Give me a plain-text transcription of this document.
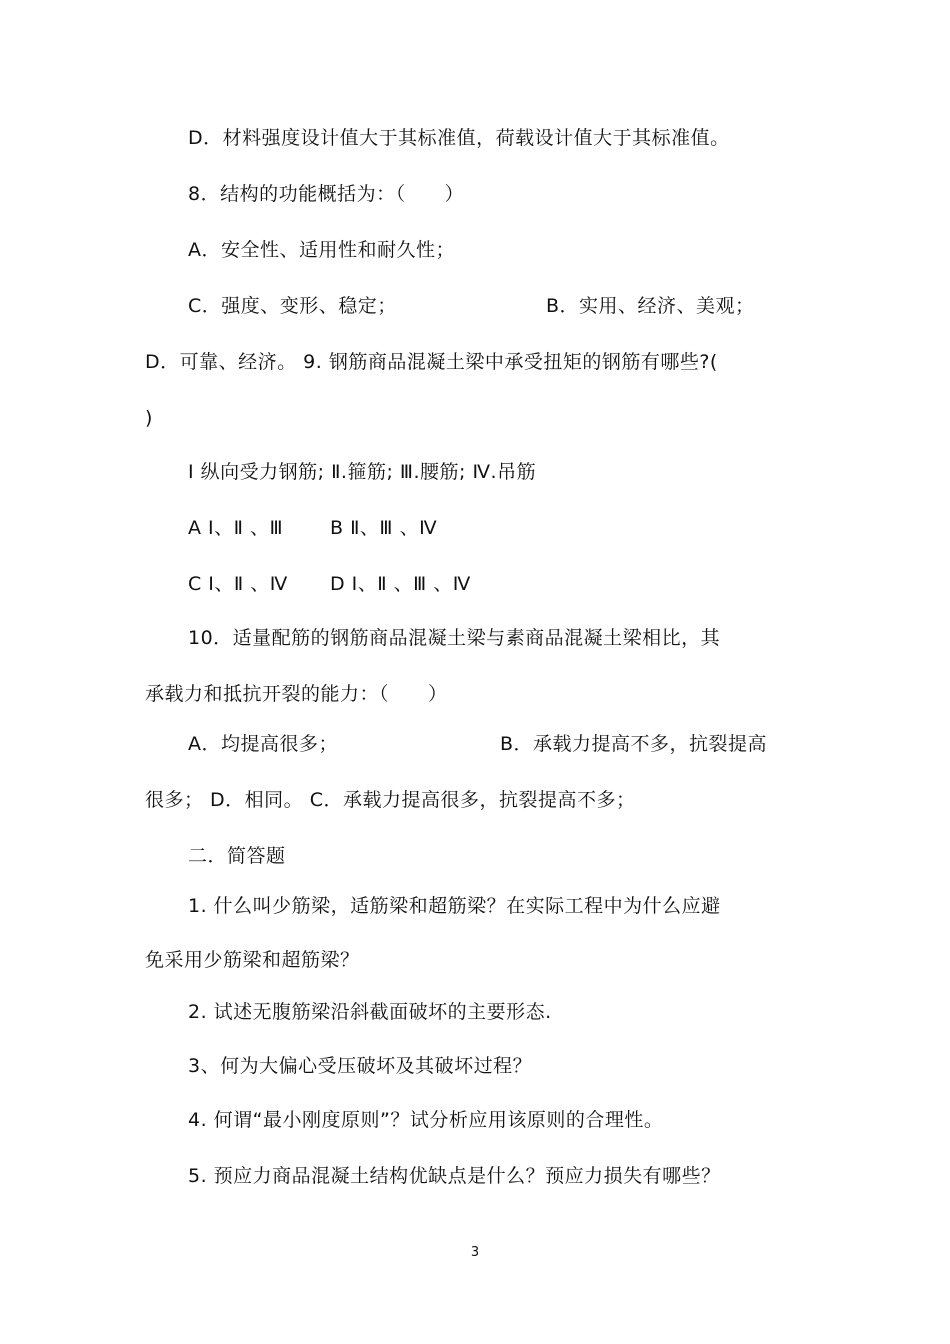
D．材料强度设计值大于其标准值，荷载设计值大于其标准值。
8．结构的功能概括为：（　　）
A．安全性、适用性和耐久性；
C．强度、变形、稳定；	B．实用、经济、美观；
D．可靠、经济。 9. 钢筋商品混凝土梁中承受扭矩的钢筋有哪些?(
)
I 纵向受力钢筋; Ⅱ.箍筋; Ⅲ.腰筋; Ⅳ.吊筋
A Ⅰ、Ⅱ 、Ⅲ B Ⅱ、Ⅲ 、Ⅳ
C Ⅰ、Ⅱ 、Ⅳ D Ⅰ、Ⅱ 、Ⅲ 、Ⅳ
10．适量配筋的钢筋商品混凝土梁与素商品混凝土梁相比，其
承载力和抵抗开裂的能力：（　　）
A．均提高很多；	B．承载力提高不多，抗裂提高
很多； D．相同。 C．承载力提高很多，抗裂提高不多；
二．简答题
1. 什么叫少筋梁，适筋梁和超筋梁？在实际工程中为什么应避
免采用少筋梁和超筋梁？
2. 试述无腹筋梁沿斜截面破坏的主要形态.
3、何为大偏心受压破坏及其破坏过程？
4. 何谓“最小刚度原则”？试分析应用该原则的合理性。
5. 预应力商品混凝土结构优缺点是什么？预应力损失有哪些？
3
